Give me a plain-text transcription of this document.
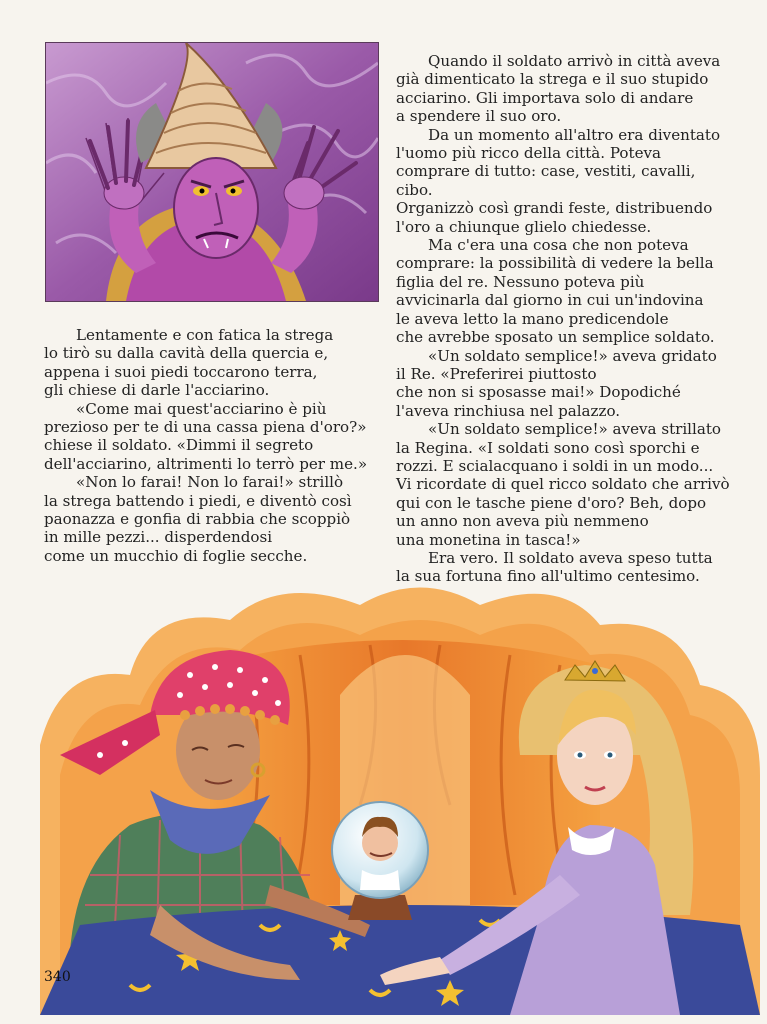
Lentamente e con fatica la strega
lo tirò su dalla cavità della quercia e,
appena i suoi piedi toccarono terra,
gli chiese di darle l'acciarino.

«Come mai quest'acciarino è più
prezioso per te di una cassa piena d'oro?»
chiese il soldato. «Dimmi il segreto
dell'acciarino, altrimenti lo terrò per me.»

«Non lo farai! Non lo farai!» strillò
la strega battendo i piedi, e diventò così
paonazza e gonfia di rabbia che scoppiò
in mille pezzi... disperdendosi
come un mucchio di foglie secche.

Quando il soldato arrivò in città aveva
già dimenticato la strega e il suo stupido
acciarino. Gli importava solo di andare
a spendere il suo oro.

Da un momento all'altro era diventato
l'uomo più ricco della città. Poteva
comprare di tutto: case, vestiti, cavalli, cibo.
Organizzò così grandi feste, distribuendo
l'oro a chiunque glielo chiedesse.

Ma c'era una cosa che non poteva
comprare: la possibilità di vedere la bella
figlia del re. Nessuno poteva più
avvicinarla dal giorno in cui un'indovina
le aveva letto la mano predicendole
che avrebbe sposato un semplice soldato.

«Un soldato semplice!» aveva gridato
il Re. «Preferirei piuttosto
che non si sposasse mai!» Dopodiché
l'aveva rinchiusa nel palazzo.

«Un soldato semplice!» aveva strillato
la Regina. «I soldati sono così sporchi e
rozzi. E scialacquano i soldi in un modo...
Vi ricordate di quel ricco soldato che arrivò
qui con le tasche piene d'oro? Beh, dopo
un anno non aveva più nemmeno
una monetina in tasca!»

Era vero. Il soldato aveva speso tutta
la sua fortuna fino all'ultimo centesimo.

340
